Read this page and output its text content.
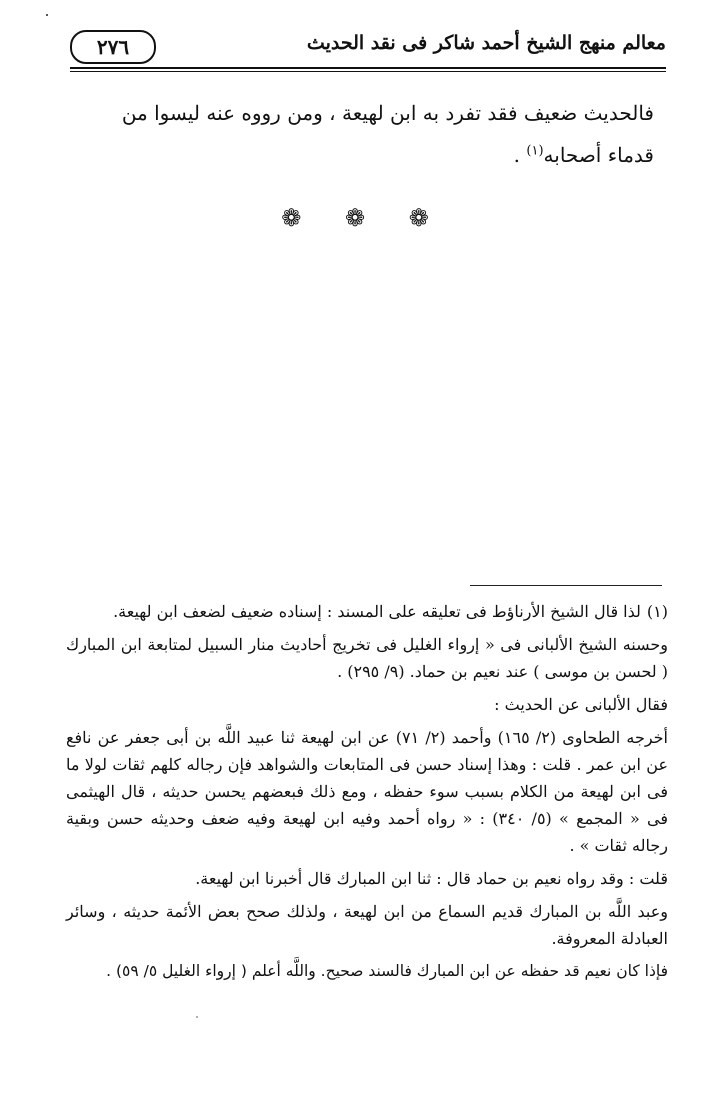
معالم منهج الشيخ أحمد شاكر فى نقد الحديث
٢٧٦

فالحديث ضعيف فقد تفرد به ابن لهيعة ، ومن رووه عنه ليسوا من

قدماء أصحابه$^{(١)}$ .

❁ ❁ ❁

(١)لذا قال الشيخ الأرناؤط فى تعليقه على المسند : إسناده ضعيف لضعف ابن لهيعة.

وحسنه الشيخ الألبانى فى « إرواء الغليل فى تخريج أحاديث منار السبيل لمتابعة ابن المبارك ( لحسن بن موسى ) عند نعيم بن حماد. (٩/ ٢٩٥) .

فقال الألبانى عن الحديث :

أخرجه الطحاوى (٢/ ١٦٥) وأحمد (٢/ ٧١) عن ابن لهيعة ثنا عبيد اللَّه بن أبى جعفر عن نافع عن ابن عمر . قلت : وهذا إسناد حسن فى المتابعات والشواهد فإن رجاله كلهم ثقات لولا ما فى ابن لهيعة من الكلام بسبب سوء حفظه ، ومع ذلك فبعضهم يحسن حديثه ، قال الهيثمى فى « المجمع » (٥/ ٣٤٠) : « رواه أحمد وفيه ابن لهيعة وفيه ضعف وحديثه حسن وبقية رجاله ثقات » .

قلت : وقد رواه نعيم بن حماد قال : ثنا ابن المبارك قال أخبرنا ابن لهيعة.

وعبد اللَّه بن المبارك قديم السماع من ابن لهيعة ، ولذلك صحح بعض الأئمة حديثه ، وسائر العبادلة المعروفة.

فإذا كان نعيم قد حفظه عن ابن المبارك فالسند صحيح. واللَّه أعلم ( إرواء الغليل ٥/ ٥٩) .
